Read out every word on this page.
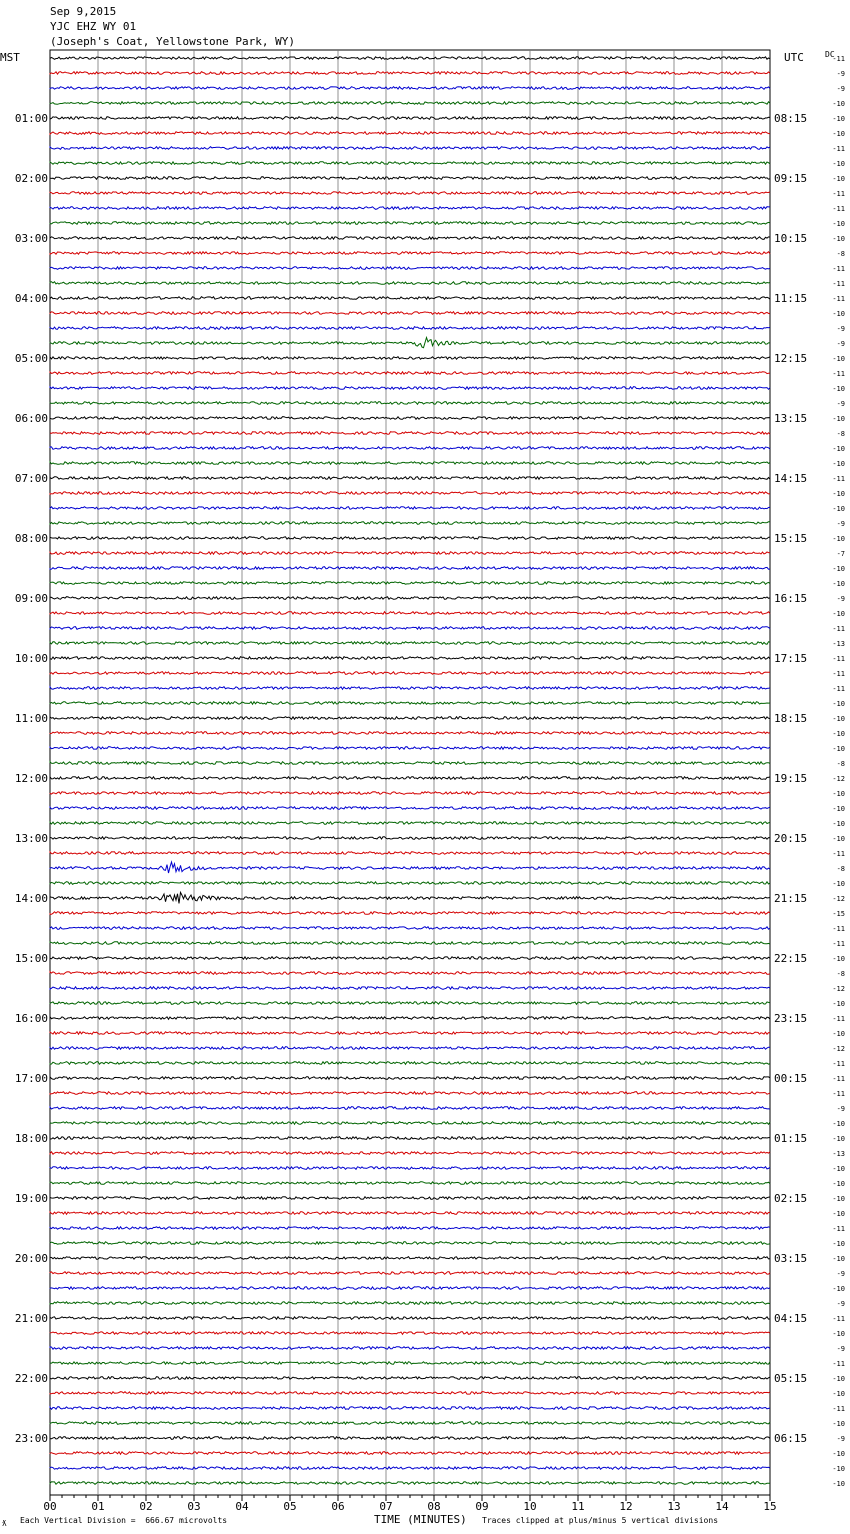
Sep 9,2015
YJC EHZ WY 01
(Joseph's Coat, Yellowstone Park, WY)
MST	UTC	DC
-11
-9
-9
-10
-10
-10
-11
-10
-10
-11
-11
-10
-10
-8
-11
-11
-11
-10
-9
-9
-10
-11
-10
-9
-10
-8
-10
-10
-11
-10
-10
-9
-10
-7
-10
-10
-9
-10
-11
-13
-11
-11
-11
-10
-10
-10
-10
-8
-12
-10
-10
-10
-10
-11
-8
-10
-12
-15
-11
-11
-10
-8
-12
-10
-11
-10
-12
-11
-11
-11
-9
-10
-10
-13
-10
-10
-10
-10
-11
-10
-10
-9
-10
-9
-11
-10
-9
-11
-10
-10
-11
-10
-9
-10
-10
-10
01:00
02:00
03:00
04:00
05:00
06:00
07:00
08:00
09:00
10:00
11:00
12:00
13:00
14:00
15:00
16:00
17:00
18:00
19:00
20:00
21:00
22:00
23:00
08:15
09:15
10:15
11:15
12:15
13:15
14:15
15:15
16:15
17:15
18:15
19:15
20:15
21:15
22:15
23:15
00:15
01:15
02:15
03:15
04:15
05:15
06:15
00	01	02	03	04	05	06	07	08	09	10	11	12	13	14	15
TIME (MINUTES)
ƛ Each Vertical Division =  666.67 microvolts	Traces clipped at plus/minus 5 vertical divisions
